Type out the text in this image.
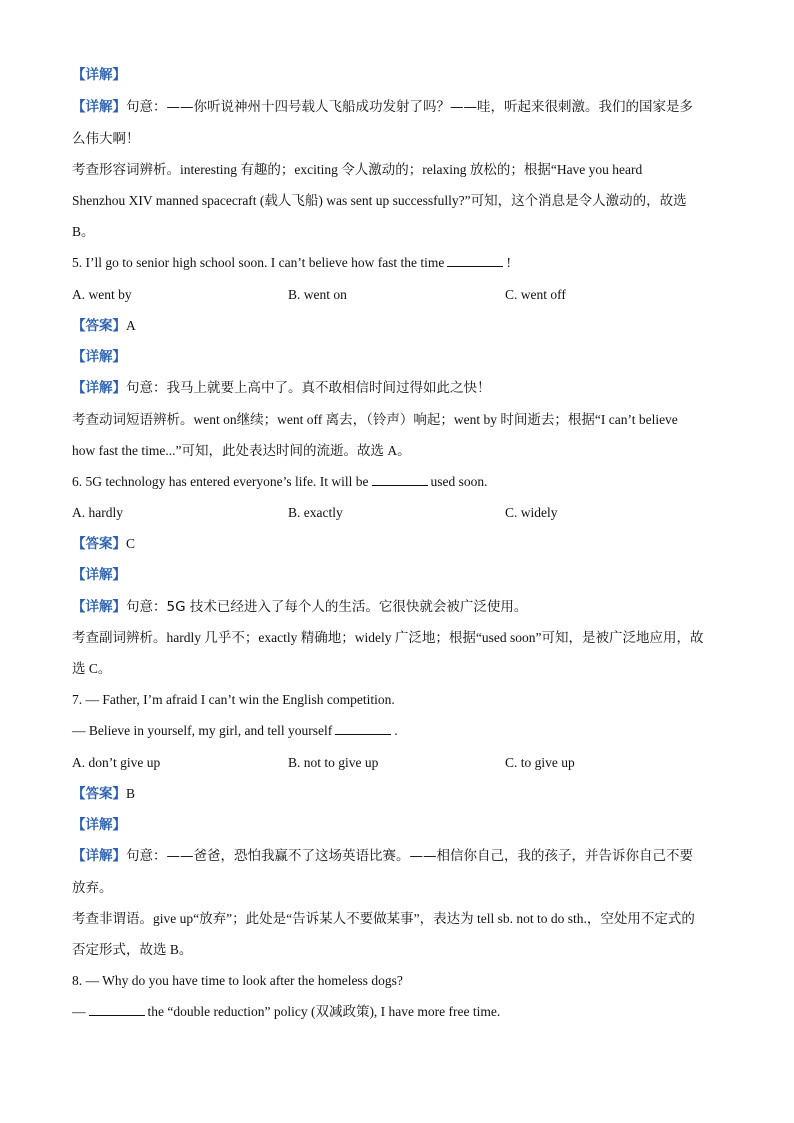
【详解】
【详解】句意：——你听说神州十四号载人飞船成功发射了吗？——哇，听起来很刺激。我们的国家是多
么伟大啊！
考查形容词辨析。interesting 有趣的；exciting 令人激动的；relaxing 放松的；根据“Have you heard
Shenzhou XIV manned spacecraft (载人飞船) was sent up successfully?”可知，这个消息是令人激动的，故选
B。
5. I’ll go to senior high school soon. I can’t believe how fast the time	!
A. went by	B. went on	C. went off
【答案】A
【详解】
【详解】句意：我马上就要上高中了。真不敢相信时间过得如此之快！
考查动词短语辨析。went on继续；went off 离去，（铃声）响起；went by 时间逝去；根据“I can’t believe
how fast the time...”可知，此处表达时间的流逝。故选 A。
6. 5G technology has entered everyone’s life. It will be	used soon.
A. hardly	B. exactly	C. widely
【答案】C
【详解】
【详解】句意：5G 技术已经进入了每个人的生活。它很快就会被广泛使用。
考查副词辨析。hardly 几乎不；exactly 精确地；widely 广泛地；根据“used soon”可知，是被广泛地应用，故
选 C。
7. — Father, I’m afraid I can’t win the English competition.
— Believe in yourself, my girl, and tell yourself	.
A. don’t give up	B. not to give up	C. to give up
【答案】B
【详解】
【详解】句意：——爸爸，恐怕我赢不了这场英语比赛。——相信你自己，我的孩子，并告诉你自己不要
放弃。
考查非谓语。give up“放弃”；此处是“告诉某人不要做某事”，表达为 tell sb. not to do sth.，空处用不定式的
否定形式，故选 B。
8. — Why do you have time to look after the homeless dogs?
—	the “double reduction” policy (双减政策), I have more free time.
